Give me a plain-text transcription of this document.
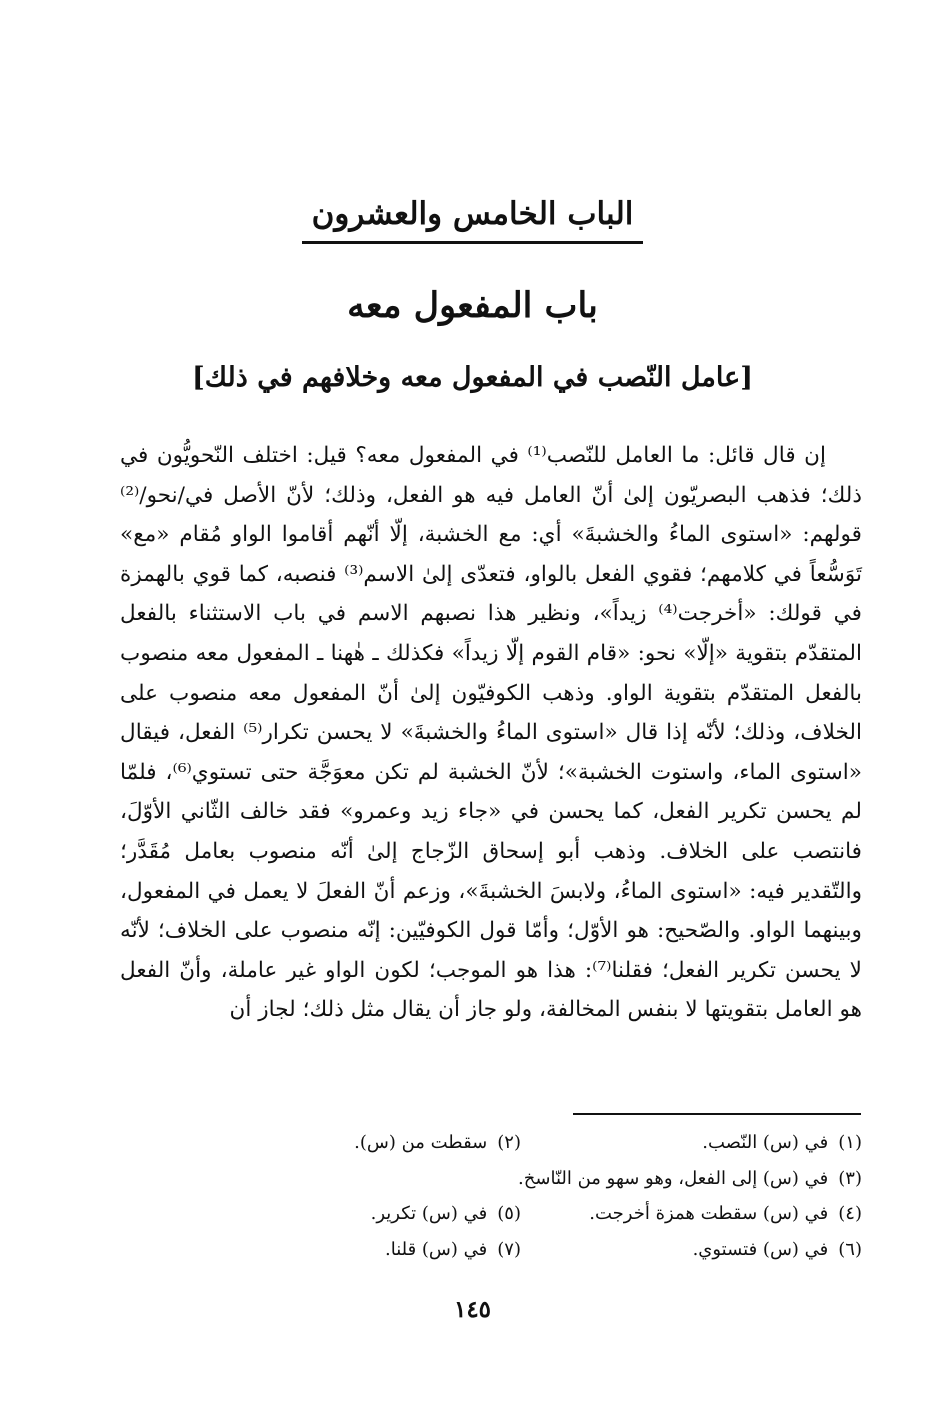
الباب الخامس والعشرون
باب المفعول معه
[عامل النّصب في المفعول معه وخلافهم في ذلك]

إن قال قائل: ما العامل للنّصب⁽¹⁾ في المفعول معه؟ قيل: اختلف النّحويُّون في ذلك؛ فذهب البصريّون إلىٰ أنّ العامل فيه هو الفعل، وذلك؛ لأنّ الأصل في/نحو/⁽²⁾ قولهم: «استوى الماءُ والخشبةَ» أي: مع الخشبة، إلّا أنّهم أقاموا الواو مُقام «مع» تَوَسُّعاً في كلامهم؛ فقوي الفعل بالواو، فتعدّى إلىٰ الاسم⁽³⁾ فنصبه، كما قوي بالهمزة في قولك: «أخرجت⁽⁴⁾ زيداً»، ونظير هذا نصبهم الاسم في باب الاستثناء بالفعل المتقدّم بتقوية «إلّا» نحو: «قام القوم إلّا زيداً» فكذلك ـ هٰهنا ـ المفعول معه منصوب بالفعل المتقدّم بتقوية الواو. وذهب الكوفيّون إلىٰ أنّ المفعول معه منصوب على الخلاف، وذلك؛ لأنّه إذا قال «استوى الماءُ والخشبةَ» لا يحسن تكرار⁽⁵⁾ الفعل، فيقال «استوى الماء، واستوت الخشبة»؛ لأنّ الخشبة لم تكن معوَجَّة حتى تستوي⁽⁶⁾، فلمّا لم يحسن تكرير الفعل، كما يحسن في «جاء زيد وعمرو» فقد خالف الثّاني الأوّلَ، فانتصب على الخلاف. وذهب أبو إسحاق الزّجاج إلىٰ أنّه منصوب بعامل مُقَدَّر؛ والتّقدير فيه: «استوى الماءُ، ولابسَ الخشبةَ»، وزعم أنّ الفعلَ لا يعمل في المفعول، وبينهما الواو. والصّحيح: هو الأوّل؛ وأمّا قول الكوفيّين: إنّه منصوب على الخلاف؛ لأنّه لا يحسن تكرير الفعل؛ فقلنا⁽⁷⁾: هذا هو الموجب؛ لكون الواو غير عاملة، وأنّ الفعل هو العامل بتقويتها لا بنفس المخالفة، ولو جاز أن يقال مثل ذلك؛ لجاز أن

(١)في (س) النّصب.
(٢)سقطت من (س).
(٣)في (س) إلى الفعل، وهو سهو من النّاسخ.
(٤)في (س) سقطت همزة أخرجت.
(٥)في (س) تكرير.
(٦)في (س) فتستوي.
(٧)في (س) قلنا.
١٤٥
